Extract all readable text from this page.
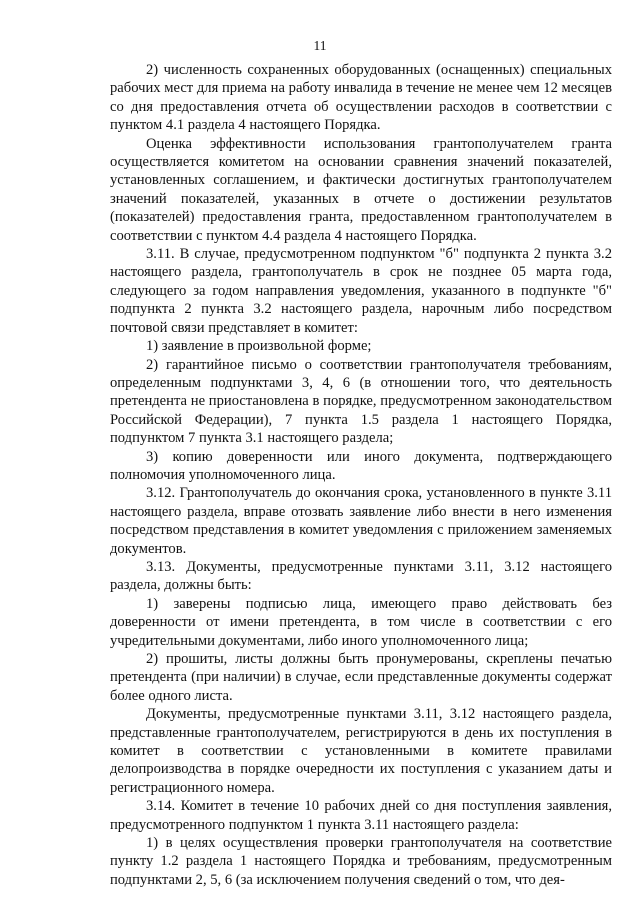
11

2) численность сохраненных оборудованных (оснащенных) специальных рабочих мест для приема на работу инвалида в течение не менее чем 12 месяцев со дня предоставления отчета об осуществлении расходов в соответствии с пунктом 4.1 раздела 4 настоящего Порядка.

Оценка эффективности использования грантополучателем гранта осуществляется комитетом на основании сравнения значений показателей, установленных соглашением, и фактически достигнутых грантополучателем значений показателей, указанных в отчете о достижении результатов (показателей) предоставления гранта, предоставленном грантополучателем в соответствии с пунктом 4.4 раздела 4 настоящего Порядка.

3.11. В случае, предусмотренном подпунктом "б" подпункта 2 пункта 3.2 настоящего раздела, грантополучатель в срок не позднее 05 марта года, следующего за годом направления уведомления, указанного в подпункте "б" подпункта 2 пункта 3.2 настоящего раздела, нарочным либо посредством почтовой связи представляет в комитет:

1) заявление в произвольной форме;

2) гарантийное письмо о соответствии грантополучателя требованиям, определенным подпунктами 3, 4, 6 (в отношении того, что деятельность претендента не приостановлена в порядке, предусмотренном законодательством Российской Федерации), 7 пункта 1.5 раздела 1 настоящего Порядка, подпунктом 7 пункта 3.1 настоящего раздела;

3) копию доверенности или иного документа, подтверждающего полномочия уполномоченного лица.

3.12. Грантополучатель до окончания срока, установленного в пункте 3.11 настоящего раздела, вправе отозвать заявление либо внести в него изменения посредством представления в комитет уведомления с приложением заменяемых документов.

3.13. Документы, предусмотренные пунктами 3.11, 3.12 настоящего раздела, должны быть:

1) заверены подписью лица, имеющего право действовать без доверенности от имени претендента, в том числе в соответствии с его учредительными документами, либо иного уполномоченного лица;

2) прошиты, листы должны быть пронумерованы, скреплены печатью претендента (при наличии) в случае, если представленные документы содержат более одного листа.

Документы, предусмотренные пунктами 3.11, 3.12 настоящего раздела, представленные грантополучателем, регистрируются в день их поступления в комитет в соответствии с установленными в комитете правилами делопроизводства в порядке очередности их поступления с указанием даты и регистрационного номера.

3.14. Комитет в течение 10 рабочих дней со дня поступления заявления, предусмотренного подпунктом 1 пункта 3.11 настоящего раздела:

1) в целях осуществления проверки грантополучателя на соответствие пункту 1.2 раздела 1 настоящего Порядка и требованиям, предусмотренным подпунктами 2, 5, 6 (за исключением получения сведений о том, что дея-
